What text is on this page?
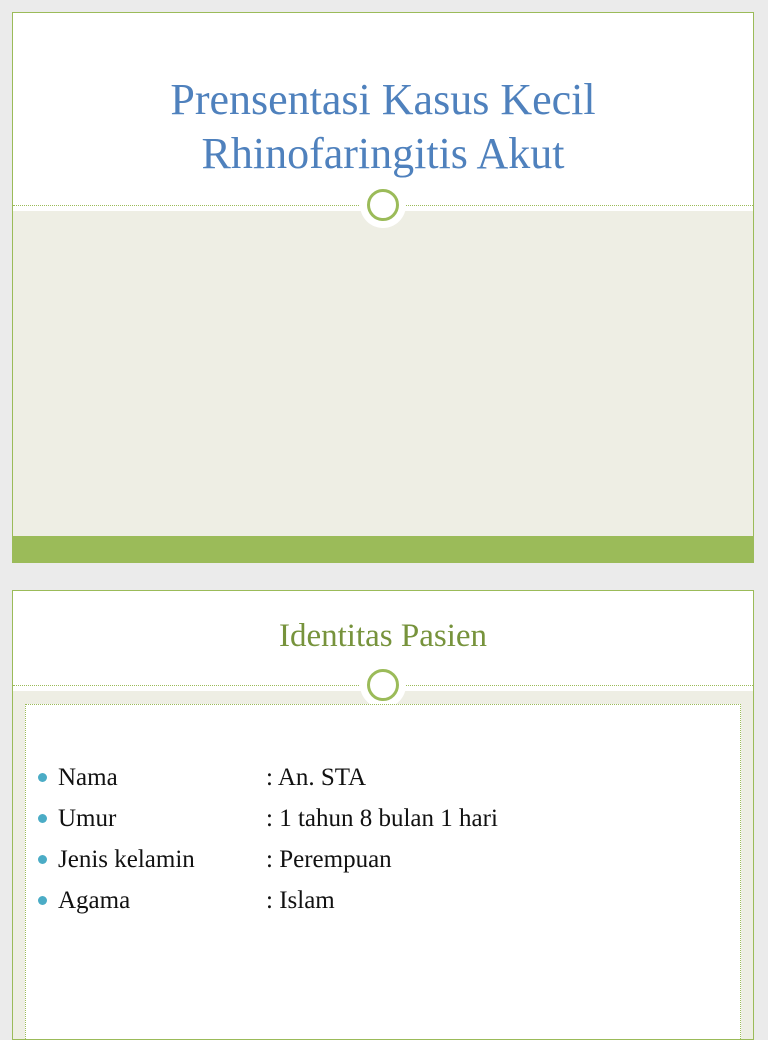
Prensentasi Kasus Kecil
Rhinofaringitis Akut
Identitas Pasien
Nama	: An. STA
Umur	: 1 tahun 8 bulan 1 hari
Jenis kelamin	: Perempuan
Agama	: Islam
